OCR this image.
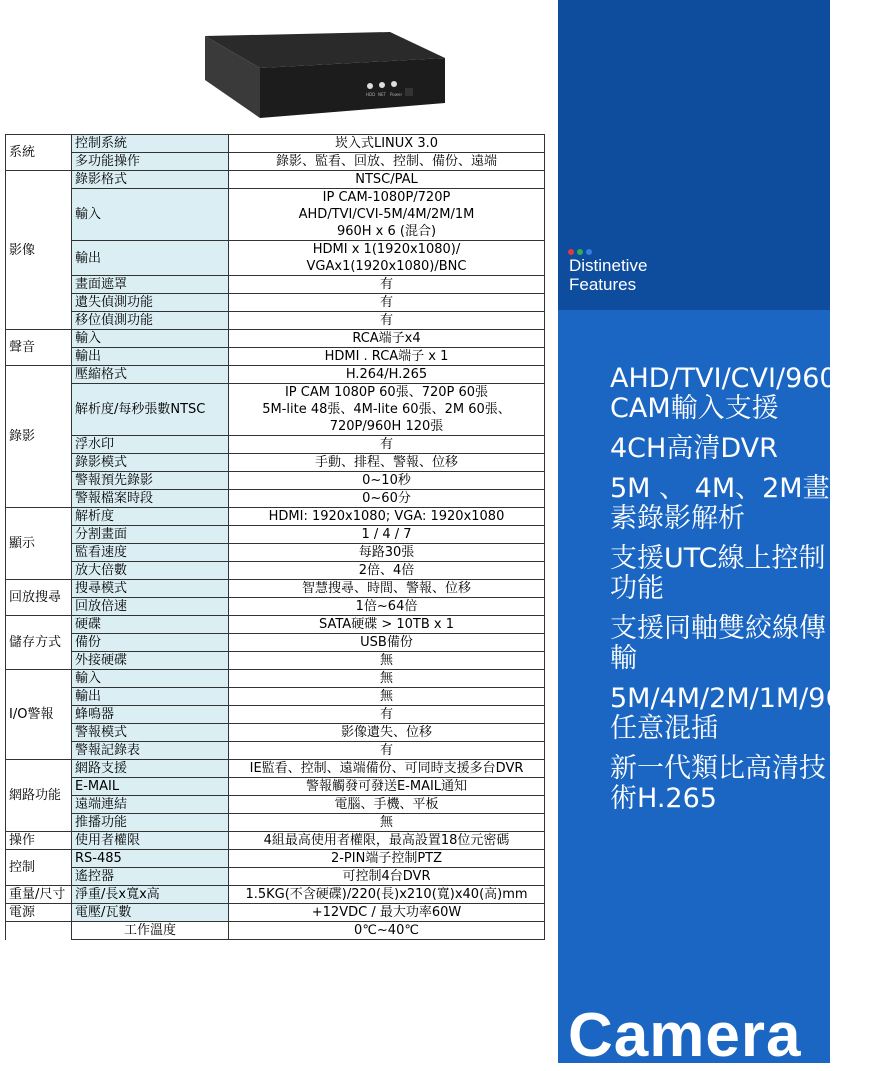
HDD NET Power
系統	控制系統	崁入式LINUX 3.0
	多功能操作	錄影、監看、回放、控制、備份、遠端
影像	錄影格式	NTSC/PAL
	輸入	IP CAM-1080P/720P
AHD/TVI/CVI-5M/4M/2M/1M
960H x 6 (混合)
	輸出	HDMI x 1(1920x1080)/
VGAx1(1920x1080)/BNC
	畫面遮罩	有
	遺失偵測功能	有
	移位偵測功能	有
聲音	輸入	RCA端子x4
	輸出	HDMI . RCA端子 x 1
錄影	壓縮格式	H.264/H.265
	解析度/每秒張數NTSC	IP CAM 1080P 60張、720P 60張
5M-lite 48張、4M-lite 60張、2M 60張、
720P/960H 120張
	浮水印	有
	錄影模式	手動、排程、警報、位移
	警報預先錄影	0~10秒
	警報檔案時段	0~60分
顯示	解析度	HDMI: 1920x1080; VGA: 1920x1080
	分割畫面	1 / 4 / 7
	監看速度	每路30張
	放大倍數	2倍、4倍
回放搜尋	搜尋模式	智慧搜尋、時間、警報、位移
	回放倍速	1倍~64倍
儲存方式	硬碟	SATA硬碟 > 10TB x 1
	備份	USB備份
	外接硬碟	無
I/O警報	輸入	無
	輸出	無
	蜂鳴器	有
	警報模式	影像遺失、位移
	警報記錄表	有
網路功能	網路支援	IE監看、控制、遠端備份、可同時支援多台DVR
	E-MAIL	警報觸發可發送E-MAIL通知
	遠端連結	電腦、手機、平板
	推播功能	無
操作	使用者權限	4組最高使用者權限，最高設置18位元密碼
控制	RS-485	2-PIN端子控制PTZ
	遙控器	可控制4台DVR
重量/尺寸	淨重/長x寬x高	1.5KG(不含硬碟)/220(長)x210(寬)x40(高)mm
電源	電壓/瓦數	+12VDC / 最大功率60W
	工作溫度	0℃~40℃
Distinetive
Features
AHD/TVI/CVI/960H/IP CAM輸入支援
4CH高清DVR
5M 、 4M、2M畫素錄影解析
支援UTC線上控制功能
支援同軸雙絞線傳輸
5M/4M/2M/1M/960H任意混插
新一代類比高清技術H.265
Camera
